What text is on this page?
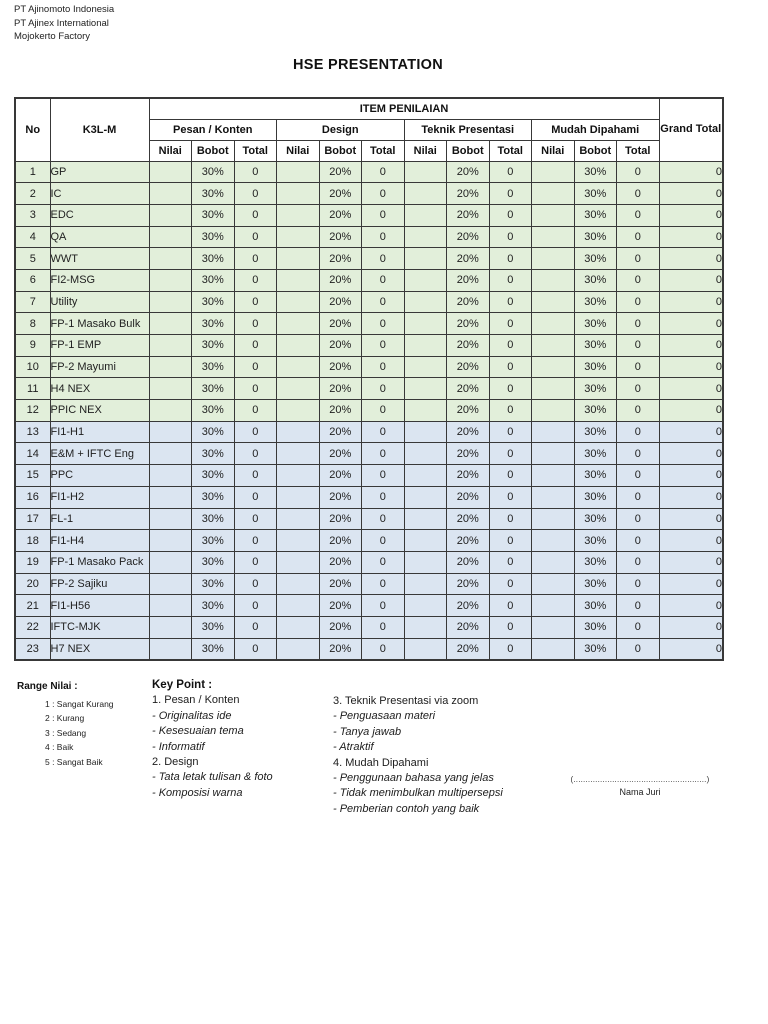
PT Ajinomoto Indonesia
PT Ajinex International
Mojokerto Factory
HSE PRESENTATION
No	K3L-M	ITEM PENILAIAN												Grand Total
		Pesan / Konten			Design			Teknik Presentasi			Mudah Dipahami			
		Nilai	Bobot	Total	Nilai	Bobot	Total	Nilai	Bobot	Total	Nilai	Bobot	Total	
1	GP		30%	0		20%	0		20%	0		30%	0	0
2	IC		30%	0		20%	0		20%	0		30%	0	0
3	EDC		30%	0		20%	0		20%	0		30%	0	0
4	QA		30%	0		20%	0		20%	0		30%	0	0
5	WWT		30%	0		20%	0		20%	0		30%	0	0
6	FI2-MSG		30%	0		20%	0		20%	0		30%	0	0
7	Utility		30%	0		20%	0		20%	0		30%	0	0
8	FP-1 Masako Bulk		30%	0		20%	0		20%	0		30%	0	0
9	FP-1 EMP		30%	0		20%	0		20%	0		30%	0	0
10	FP-2 Mayumi		30%	0		20%	0		20%	0		30%	0	0
11	H4 NEX		30%	0		20%	0		20%	0		30%	0	0
12	PPIC NEX		30%	0		20%	0		20%	0		30%	0	0
13	FI1-H1		30%	0		20%	0		20%	0		30%	0	0
14	E&M + IFTC Eng		30%	0		20%	0		20%	0		30%	0	0
15	PPC		30%	0		20%	0		20%	0		30%	0	0
16	FI1-H2		30%	0		20%	0		20%	0		30%	0	0
17	FL-1		30%	0		20%	0		20%	0		30%	0	0
18	FI1-H4		30%	0		20%	0		20%	0		30%	0	0
19	FP-1 Masako Pack		30%	0		20%	0		20%	0		30%	0	0
20	FP-2 Sajiku		30%	0		20%	0		20%	0		30%	0	0
21	FI1-H56		30%	0		20%	0		20%	0		30%	0	0
22	IFTC-MJK		30%	0		20%	0		20%	0		30%	0	0
23	H7 NEX		30%	0		20%	0		20%	0		30%	0	0
Range Nilai :
1 : Sangat Kurang
2 : Kurang
3 : Sedang
4 : Baik
5 : Sangat Baik
Key Point :
1. Pesan / Konten
- Originalitas ide
- Kesesuaian tema
- Informatif
2. Design
- Tata letak tulisan & foto
- Komposisi warna
3. Teknik Presentasi via zoom
- Penguasaan materi
- Tanya jawab
- Atraktif
4. Mudah Dipahami
- Penggunaan bahasa yang jelas
- Tidak menimbulkan multipersepsi
- Pemberian contoh yang baik
(.......................................................)
Nama Juri
